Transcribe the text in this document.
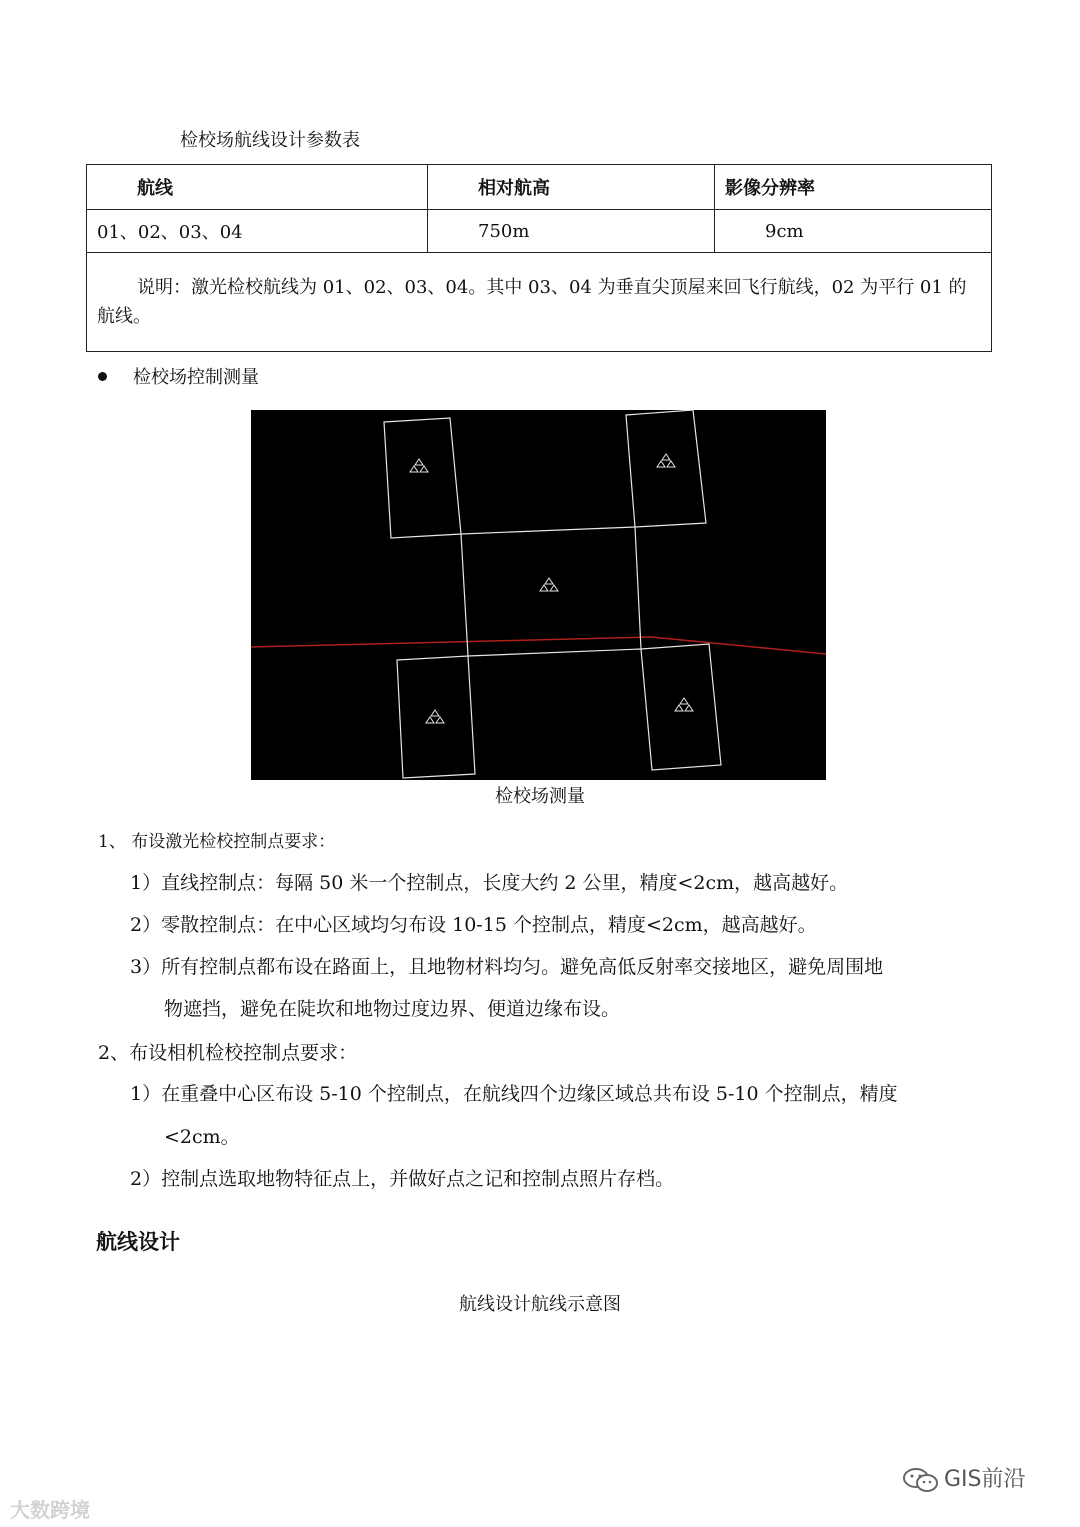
检校场航线设计参数表
航线	相对航高	影像分辨率
01、02、03、04	750m	9cm

说明：激光检校航线为 01、02、03、04。其中 03、04 为垂直尖顶屋来回飞行航线，02 为平行 01 的航线。		
检校场控制测量
检校场测量
1、 布设激光检校控制点要求：
1）直线控制点：每隔 50 米一个控制点，长度大约 2 公里，精度<2cm，越高越好。
2）零散控制点：在中心区域均匀布设 10-15 个控制点，精度<2cm，越高越好。
3）所有控制点都布设在路面上，且地物材料均匀。避免高低反射率交接地区，避免周围地
物遮挡，避免在陡坎和地物过度边界、便道边缘布设。
2、布设相机检校控制点要求：
1）在重叠中心区布设 5-10 个控制点，在航线四个边缘区域总共布设 5-10 个控制点，精度
<2cm。
2）控制点选取地物特征点上，并做好点之记和控制点照片存档。
航线设计
航线设计航线示意图
大数跨境
GIS前沿
